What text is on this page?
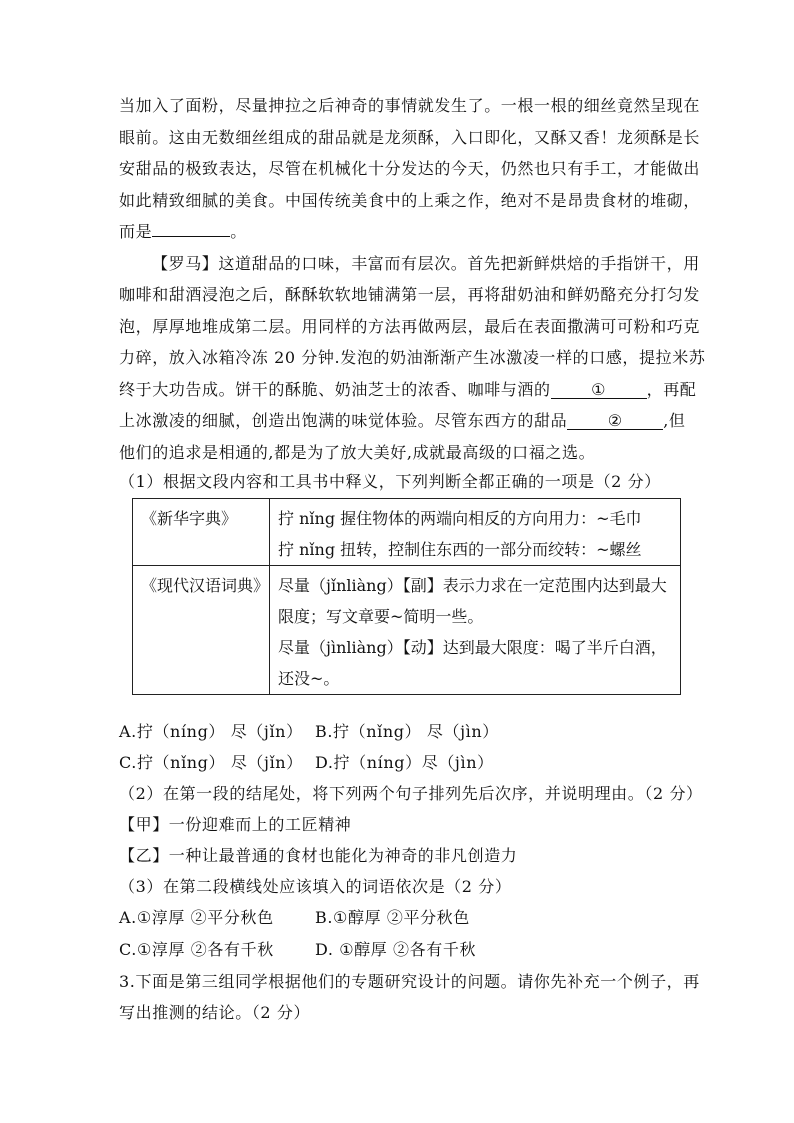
当加入了面粉，尽量抻拉之后神奇的事情就发生了。一根一根的细丝竟然呈现在
眼前。这由无数细丝组成的甜品就是龙须酥，入口即化，又酥又香！龙须酥是长
安甜品的极致表达，尽管在机械化十分发达的今天，仍然也只有手工，才能做出
如此精致细腻的美食。中国传统美食中的上乘之作，绝对不是昂贵食材的堆砌，
而是	。
【罗马】这道甜品的口味，丰富而有层次。首先把新鲜烘焙的手指饼干，用
咖啡和甜酒浸泡之后，酥酥软软地铺满第一层，再将甜奶油和鲜奶酪充分打匀发
泡，厚厚地堆成第二层。用同样的方法再做两层，最后在表面撒满可可粉和巧克
力碎，放入冰箱冷冻 20 分钟.发泡的奶油渐渐产生冰激凌一样的口感，提拉米苏
终于大功告成。饼干的酥脆、奶油芝士的浓香、咖啡与酒的	①	，再配
上冰激凌的细腻，创造出饱满的味觉体验。尽管东西方的甜品	②	,但
他们的追求是相通的,都是为了放大美好,成就最高级的口福之选。
（1）根据文段内容和工具书中释义，下列判断全都正确的一项是（2 分）
《新华字典》	拧 nǐng 握住物体的两端向相反的方向用力：~毛巾
拧 nǐng 扭转，控制住东西的一部分而绞转：~螺丝

《现代汉语词典》	尽量（jǐnliàng）【副】表示力求在一定范围内达到最大
限度；写文章要~简明一些。
尽量（jìnliàng）【动】达到最大限度：喝了半斤白酒，
还没~。
A.拧（níng） 尽（jǐn） B.拧（nǐng） 尽（jìn）
C.拧（nǐng） 尽（jǐn） D.拧（níng）尽（jìn）
（2）在第一段的结尾处，将下列两个句子排列先后次序，并说明理由。（2 分）
【甲】一份迎难而上的工匠精神
【乙】一种让最普通的食材也能化为神奇的非凡创造力
（3）在第二段横线处应该填入的词语依次是（2 分）
A.①淳厚 ②平分秋色	B.①醇厚 ②平分秋色
C.①淳厚 ②各有千秋	D. ①醇厚 ②各有千秋
3.下面是第三组同学根据他们的专题研究设计的问题。请你先补充一个例子，再
写出推测的结论。（2 分）
